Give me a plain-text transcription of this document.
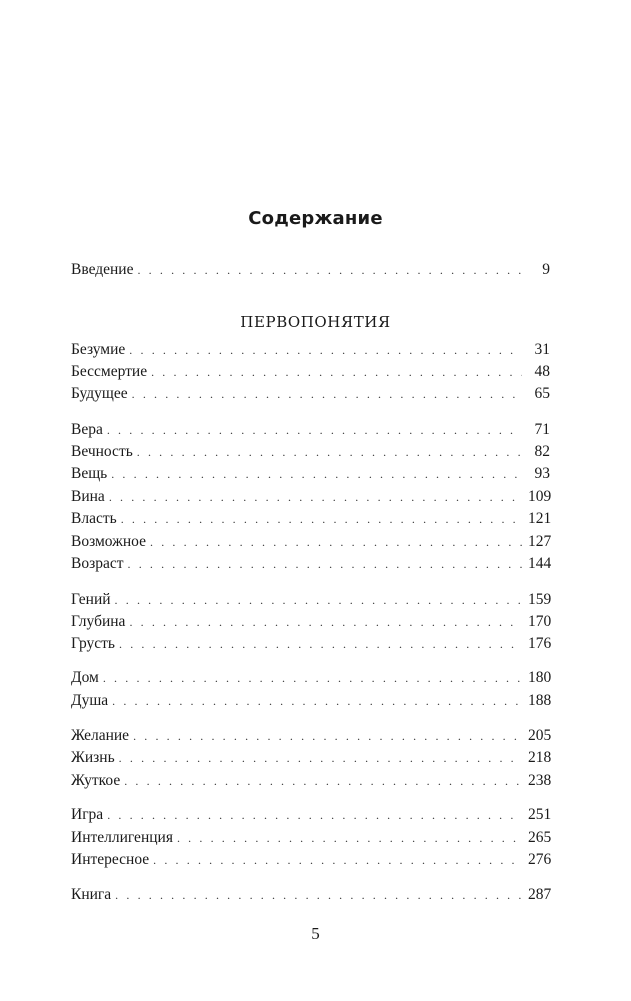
Содержание
Введение . . .	9
ПЕРВОПОНЯТИЯ
Безумие . . .	31
Бессмертие . . .	48
Будущее . . .	65
Вера . . .	71
Вечность . . .	82
Вещь . . .	93
Вина . . .	109
Власть . . .	121
Возможное . . .	127
Возраст . . .	144
Гений . . .	159
Глубина . . .	170
Грусть . . .	176
Дом . . .	180
Душа . . .	188
Желание . . .	205
Жизнь . . .	218
Жуткое . . .	238
Игра . . .	251
Интеллигенция . . .	265
Интересное . . .	276
Книга . . .	287
5
